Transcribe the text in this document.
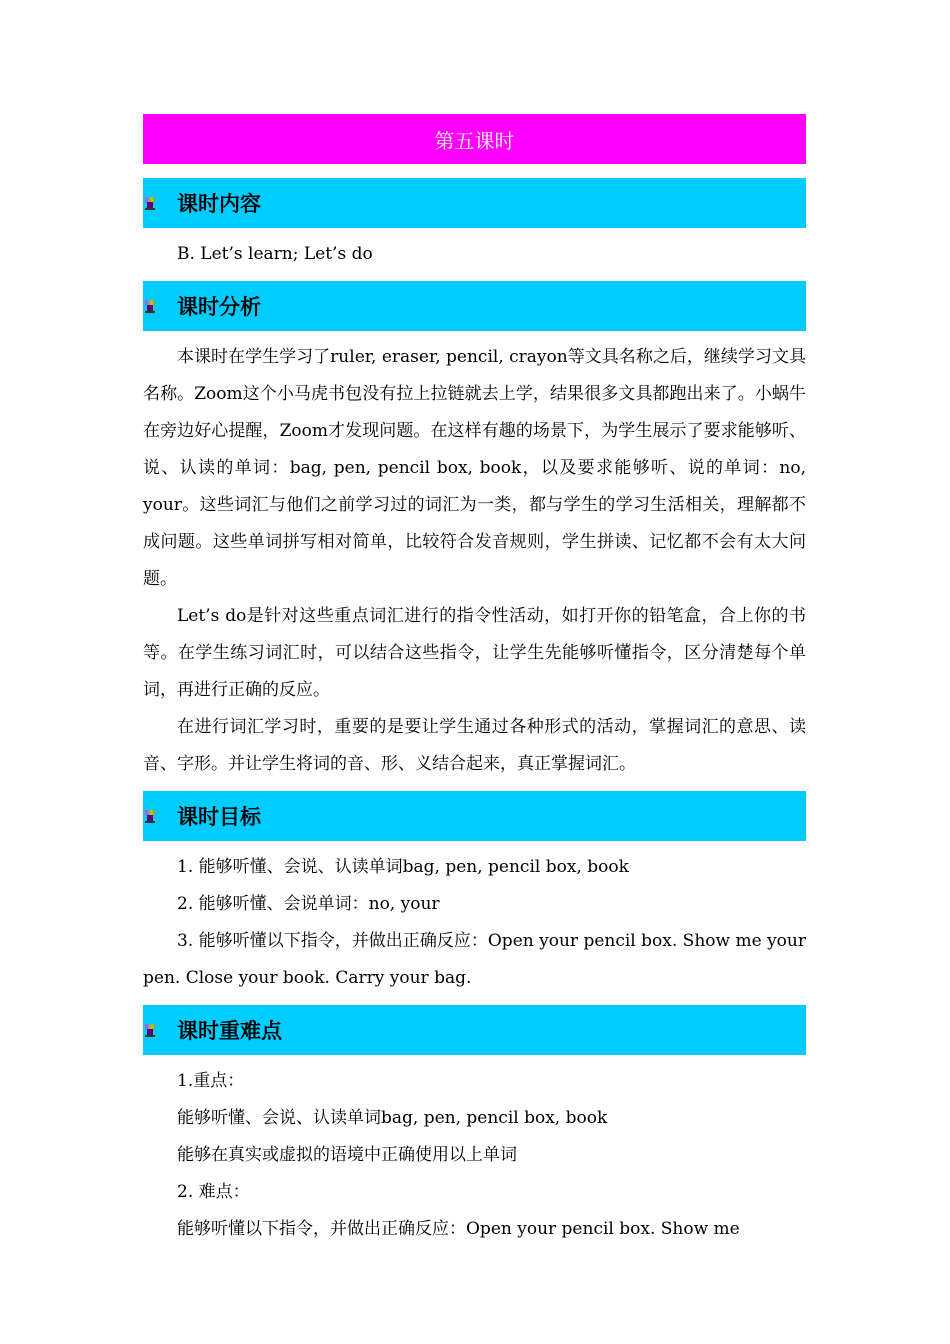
第五课时
课时内容

B. Let’s learn; Let’s do

课时分析

本课时在学生学习了ruler, eraser, pencil, crayon等文具名称之后，继续学习文具名称。Zoom这个小马虎书包没有拉上拉链就去上学，结果很多文具都跑出来了。小蜗牛在旁边好心提醒，Zoom才发现问题。在这样有趣的场景下，为学生展示了要求能够听、说、认读的单词：bag, pen, pencil box, book，以及要求能够听、说的单词：no, your。这些词汇与他们之前学习过的词汇为一类，都与学生的学习生活相关，理解都不成问题。这些单词拼写相对简单，比较符合发音规则，学生拼读、记忆都不会有太大问题。

Let’s do是针对这些重点词汇进行的指令性活动，如打开你的铅笔盒，合上你的书等。在学生练习词汇时，可以结合这些指令，让学生先能够听懂指令，区分清楚每个单词，再进行正确的反应。

在进行词汇学习时，重要的是要让学生通过各种形式的活动，掌握词汇的意思、读音、字形。并让学生将词的音、形、义结合起来，真正掌握词汇。

课时目标

1. 能够听懂、会说、认读单词bag, pen, pencil box, book

2. 能够听懂、会说单词：no, your

3. 能够听懂以下指令，并做出正确反应：Open your pencil box. Show me your pen. Close your book. Carry your bag.

课时重难点

1.重点：

能够听懂、会说、认读单词bag, pen, pencil box, book

能够在真实或虚拟的语境中正确使用以上单词

2. 难点：

能够听懂以下指令，并做出正确反应：Open your pencil box. Show me
